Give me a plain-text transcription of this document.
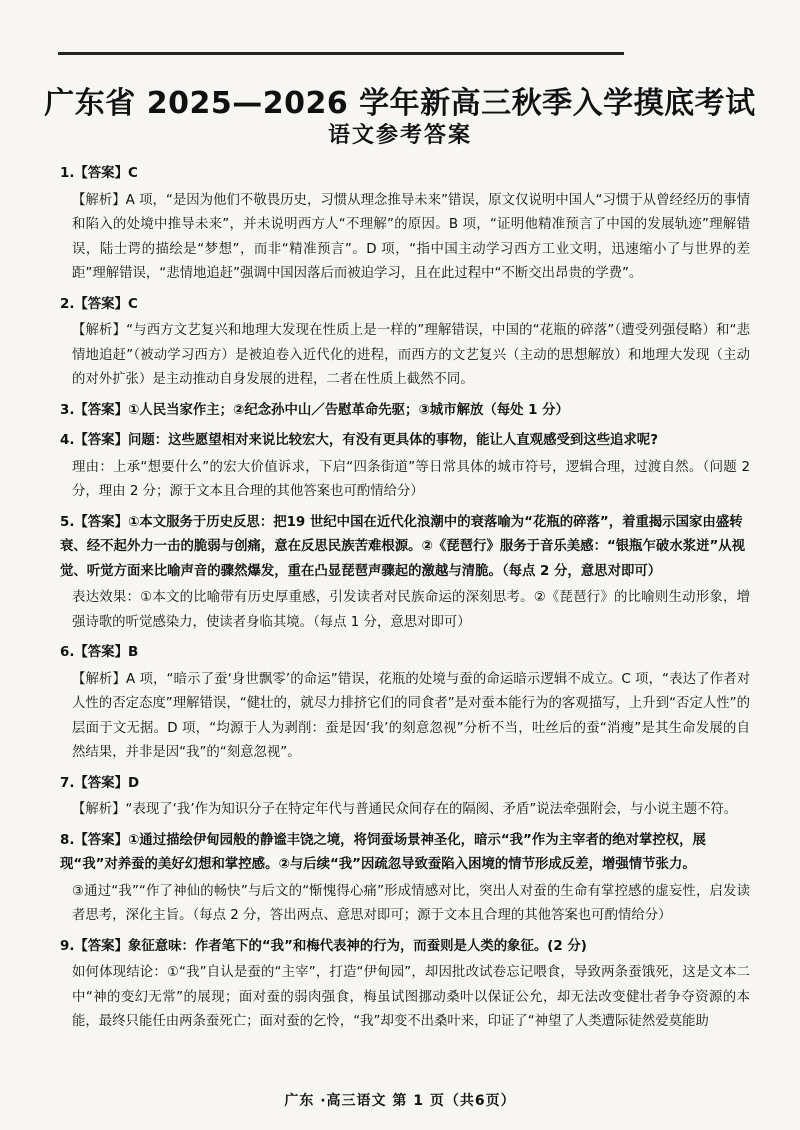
广东省 2025—2026 学年新高三秋季入学摸底考试
语文参考答案
1.【答案】C
【解析】A 项，“是因为他们不敬畏历史，习惯从理念推导未来”错误，原文仅说明中国人“习惯于从曾经经历的事情和陷入的处境中推导未来”，并未说明西方人“不理解”的原因。B 项，“证明他精准预言了中国的发展轨迹”理解错误，陆士谔的描绘是“梦想”，而非“精准预言”。D 项，“指中国主动学习西方工业文明，迅速缩小了与世界的差距”理解错误，“悲情地追赶”强调中国因落后而被迫学习，且在此过程中“不断交出昂贵的学费”。
2.【答案】C
【解析】“与西方文艺复兴和地理大发现在性质上是一样的”理解错误，中国的“花瓶的碎落”（遭受列强侵略）和“悲情地追赶”（被动学习西方）是被迫卷入近代化的进程，而西方的文艺复兴（主动的思想解放）和地理大发现（主动的对外扩张）是主动推动自身发展的进程，二者在性质上截然不同。
3.【答案】①人民当家作主；②纪念孙中山／告慰革命先驱；③城市解放（每处 1 分）
4.【答案】问题：这些愿望相对来说比较宏大，有没有更具体的事物，能让人直观感受到这些追求呢?
理由：上承“想要什么”的宏大价值诉求，下启“四条街道”等日常具体的城市符号，逻辑合理，过渡自然。（问题 2 分，理由 2 分；源于文本且合理的其他答案也可酌情给分）
5.【答案】①本文服务于历史反思：把19 世纪中国在近代化浪潮中的衰落喻为“花瓶的碎落”，着重揭示国家由盛转衰、经不起外力一击的脆弱与创痛，意在反思民族苦难根源。②《琵琶行》服务于音乐美感：“银瓶乍破水浆迸”从视觉、听觉方面来比喻声音的骤然爆发，重在凸显琵琶声骤起的激越与清脆。（每点 2 分，意思对即可）
表达效果：①本文的比喻带有历史厚重感，引发读者对民族命运的深刻思考。②《琵琶行》的比喻则生动形象，增强诗歌的听觉感染力，使读者身临其境。（每点 1 分，意思对即可）
6.【答案】B
【解析】A 项，“暗示了蚕‘身世飘零’的命运”错误，花瓶的处境与蚕的命运暗示逻辑不成立。C 项，“表达了作者对人性的否定态度”理解错误，“健壮的，就尽力排挤它们的同食者”是对蚕本能行为的客观描写，上升到“否定人性”的层面于文无据。D 项，“均源于人为剥削：蚕是因‘我’的刻意忽视”分析不当，吐丝后的蚕“消瘦”是其生命发展的自然结果，并非是因“我”的“刻意忽视”。
7.【答案】D
【解析】“表现了‘我’作为知识分子在特定年代与普通民众间存在的隔阂、矛盾”说法牵强附会，与小说主题不符。
8.【答案】①通过描绘伊甸园般的静谧丰饶之境，将饲蚕场景神圣化，暗示“我”作为主宰者的绝对掌控权，展现“我”对养蚕的美好幻想和掌控感。②与后续“我”因疏忽导致蚕陷入困境的情节形成反差，增强情节张力。
③通过“我”“作了神仙的畅快”与后文的“惭愧得心痛”形成情感对比，突出人对蚕的生命有掌控感的虚妄性，启发读者思考，深化主旨。（每点 2 分，答出两点、意思对即可；源于文本且合理的其他答案也可酌情给分）
9.【答案】象征意味：作者笔下的“我”和梅代表神的行为，而蚕则是人类的象征。(2 分)
如何体现结论：①“我”自认是蚕的“主宰”，打造“伊甸园”，却因批改试卷忘记喂食，导致两条蚕饿死，这是文本二中“神的变幻无常”的展现；面对蚕的弱肉强食，梅虽试图挪动桑叶以保证公允，却无法改变健壮者争夺资源的本能，最终只能任由两条蚕死亡；面对蚕的乞怜，“我”却变不出桑叶来，印证了“神望了人类遭际徒然爱莫能助
广东 ·高三语文 第 1 页（共6页）
